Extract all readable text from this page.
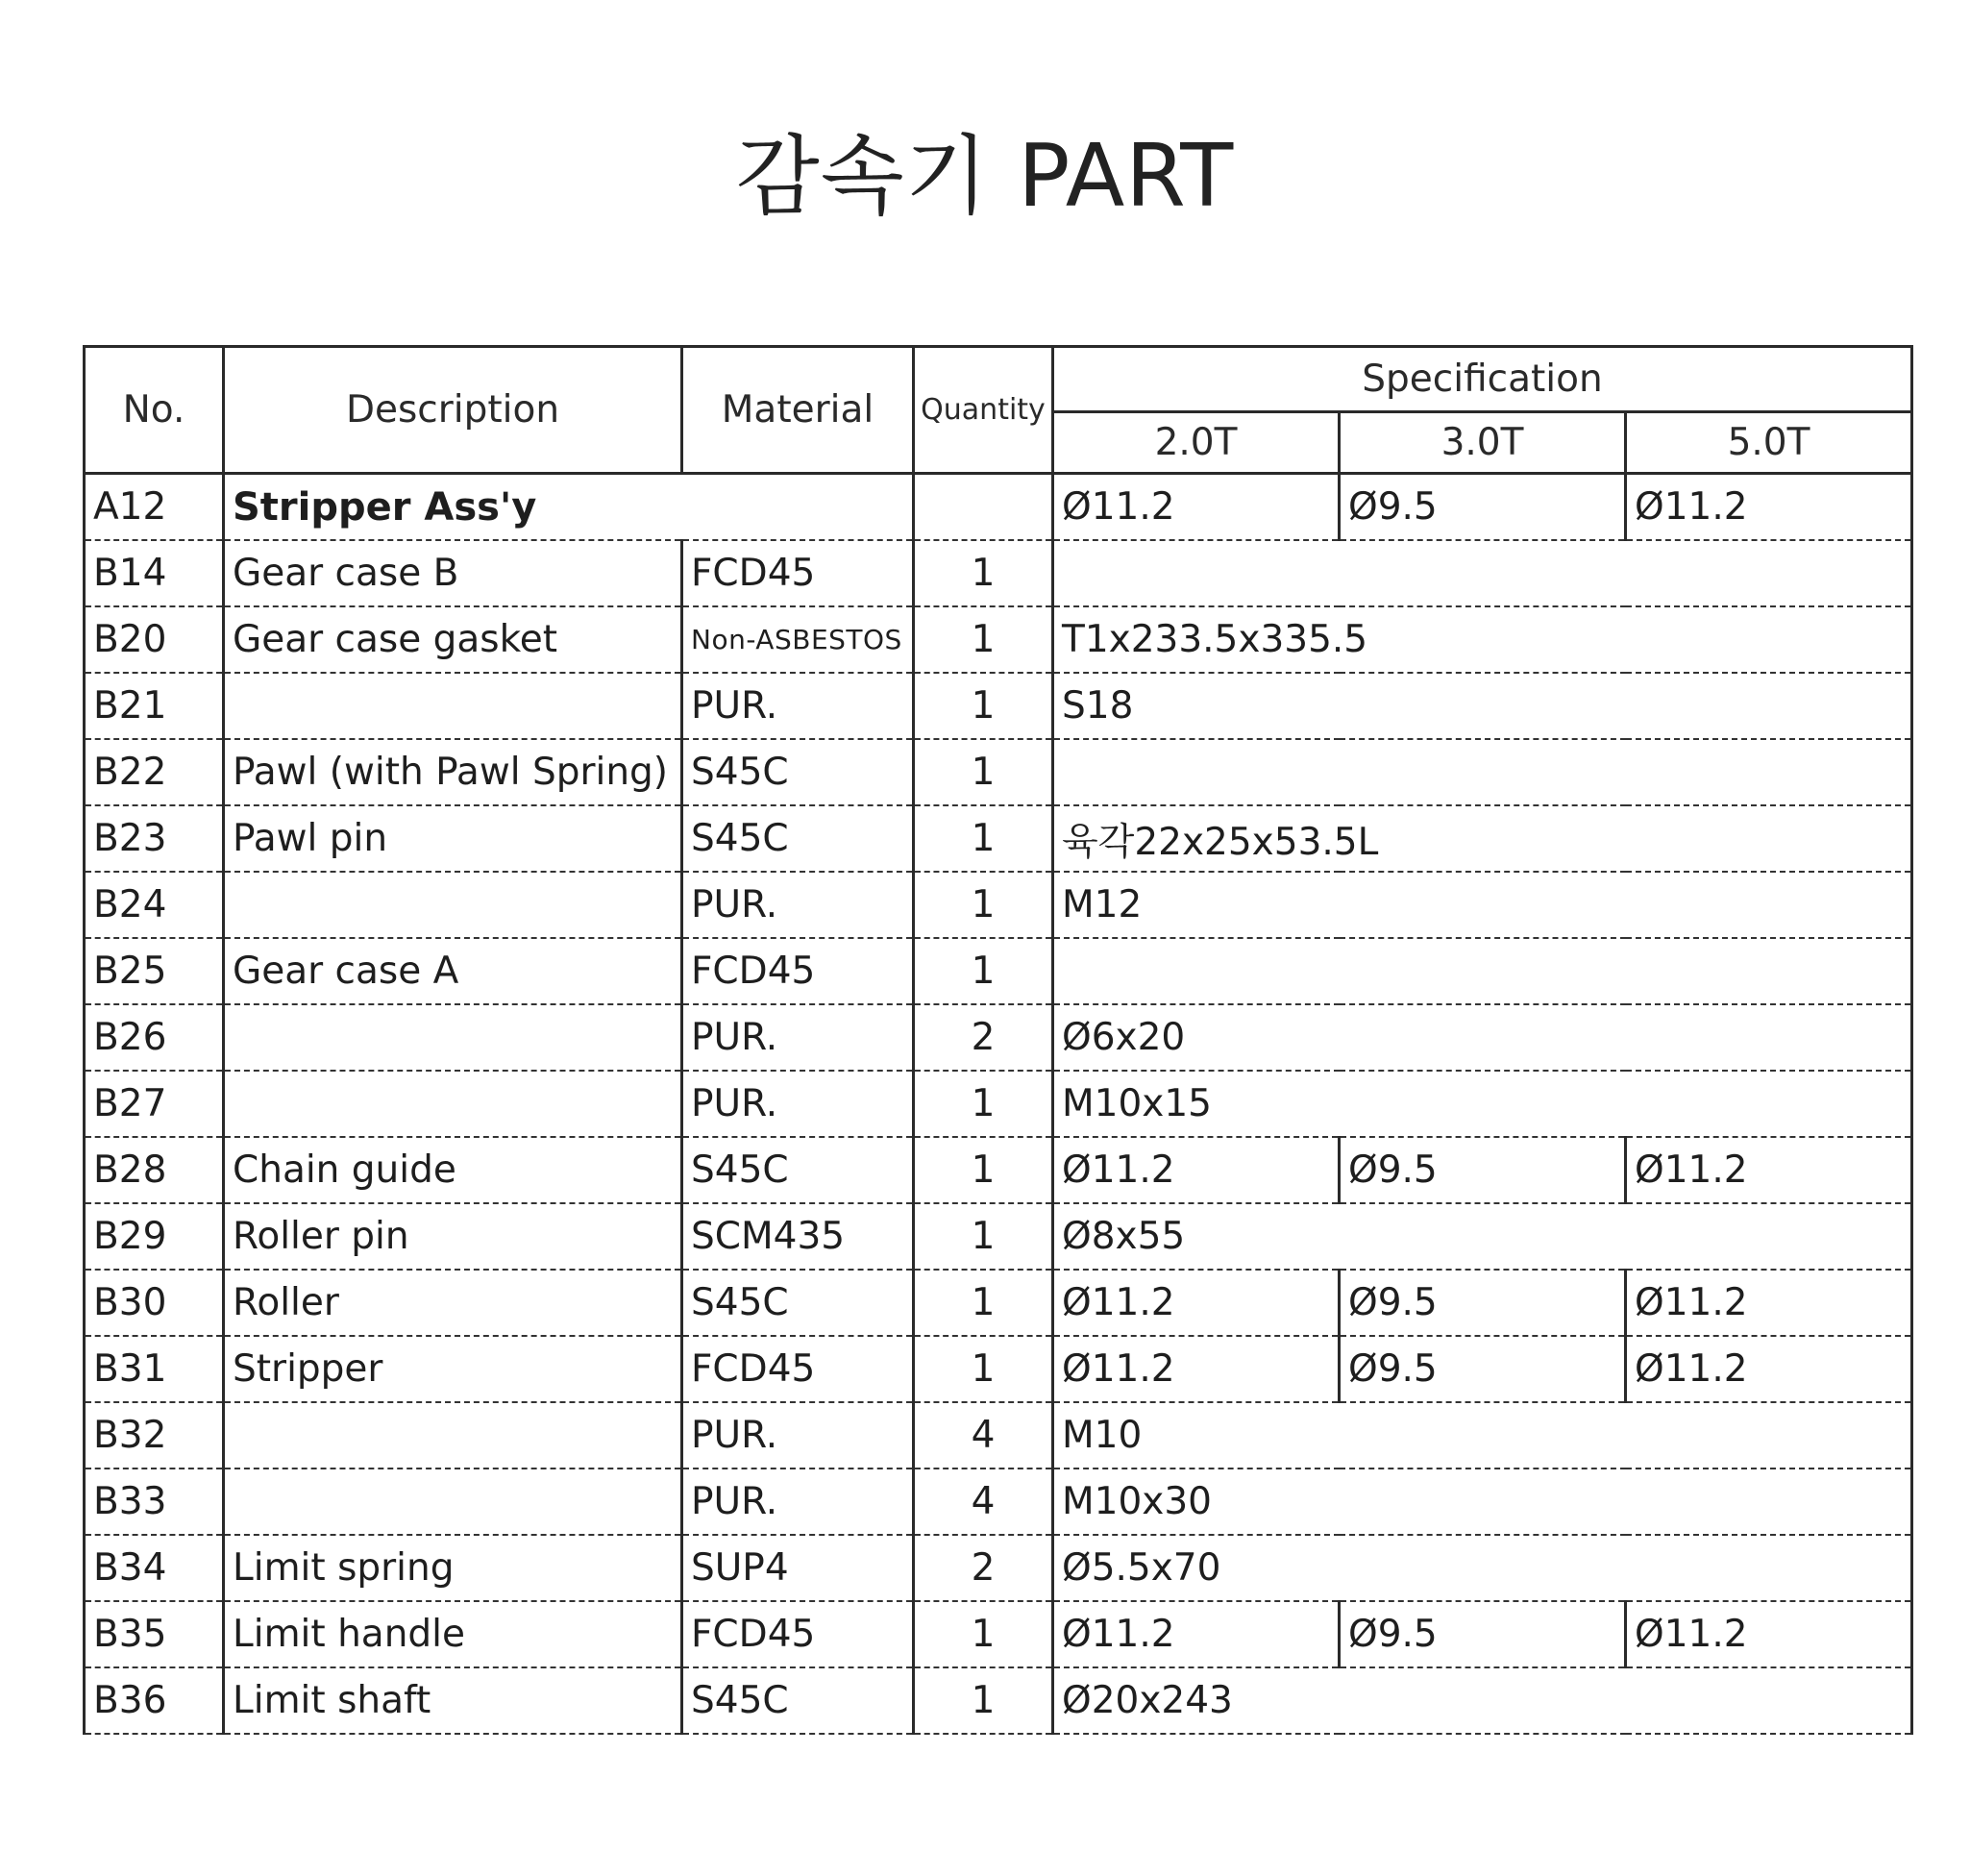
감속기 PART
No.	Description	Material	Quantity	Specification		
				2.0T	3.0T	5.0T
A12	Stripper Ass'y			Ø11.2	Ø9.5	Ø11.2
B14	Gear case B	FCD45	1			
B20	Gear case gasket	Non-ASBESTOS	1	T1x233.5x335.5		
B21		PUR.	1	S18		
B22	Pawl (with Pawl Spring)	S45C	1			
B23	Pawl pin	S45C	1	육각22x25x53.5L		
B24		PUR.	1	M12		
B25	Gear case A	FCD45	1			
B26		PUR.	2	Ø6x20		
B27		PUR.	1	M10x15		
B28	Chain guide	S45C	1	Ø11.2	Ø9.5	Ø11.2
B29	Roller pin	SCM435	1	Ø8x55		
B30	Roller	S45C	1	Ø11.2	Ø9.5	Ø11.2
B31	Stripper	FCD45	1	Ø11.2	Ø9.5	Ø11.2
B32		PUR.	4	M10		
B33		PUR.	4	M10x30		
B34	Limit spring	SUP4	2	Ø5.5x70		
B35	Limit handle	FCD45	1	Ø11.2	Ø9.5	Ø11.2
B36	Limit shaft	S45C	1	Ø20x243		
